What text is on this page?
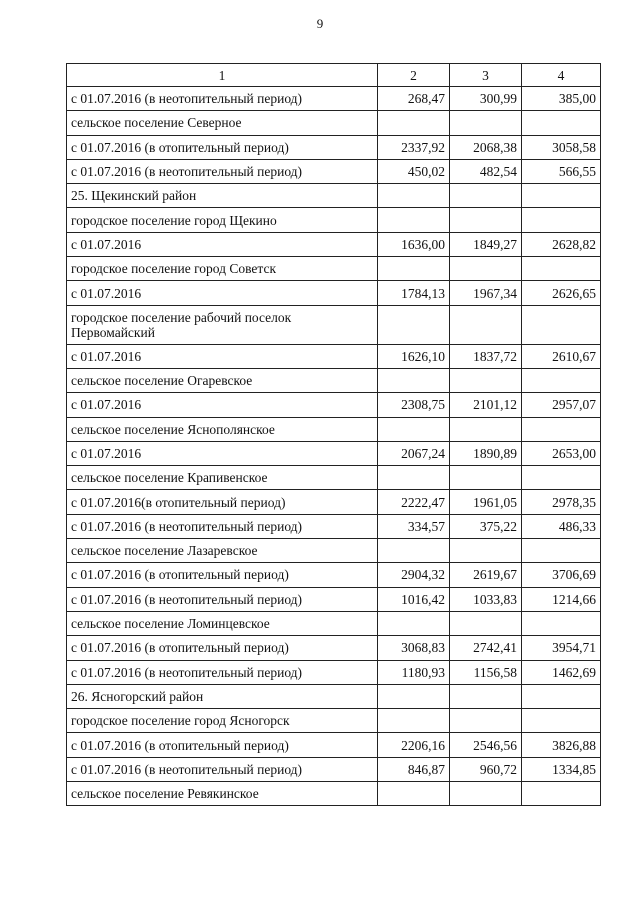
9
1	2	3	4
с 01.07.2016 (в неотопительный период)	268,47	300,99	385,00
сельское поселение Северное			
с 01.07.2016 (в отопительный период)	2337,92	2068,38	3058,58
с 01.07.2016 (в неотопительный период)	450,02	482,54	566,55
25. Щекинский район			
городское поселение город Щекино			
с 01.07.2016	1636,00	1849,27	2628,82
городское поселение город Советск			
с 01.07.2016	1784,13	1967,34	2626,65
городское поселение рабочий поселок Первомайский			
с 01.07.2016	1626,10	1837,72	2610,67
сельское поселение Огаревское			
с 01.07.2016	2308,75	2101,12	2957,07
сельское поселение Яснополянское			
с 01.07.2016	2067,24	1890,89	2653,00
сельское поселение Крапивенское			
с 01.07.2016(в отопительный период)	2222,47	1961,05	2978,35
с 01.07.2016 (в неотопительный период)	334,57	375,22	486,33
сельское поселение Лазаревское			
с 01.07.2016 (в отопительный период)	2904,32	2619,67	3706,69
с 01.07.2016 (в неотопительный период)	1016,42	1033,83	1214,66
сельское поселение Ломинцевское			
с 01.07.2016 (в отопительный период)	3068,83	2742,41	3954,71
с 01.07.2016 (в неотопительный период)	1180,93	1156,58	1462,69
26. Ясногорский район			
городское поселение город Ясногорск			
с 01.07.2016 (в отопительный период)	2206,16	2546,56	3826,88
с 01.07.2016 (в неотопительный период)	846,87	960,72	1334,85
сельское поселение Ревякинское			
